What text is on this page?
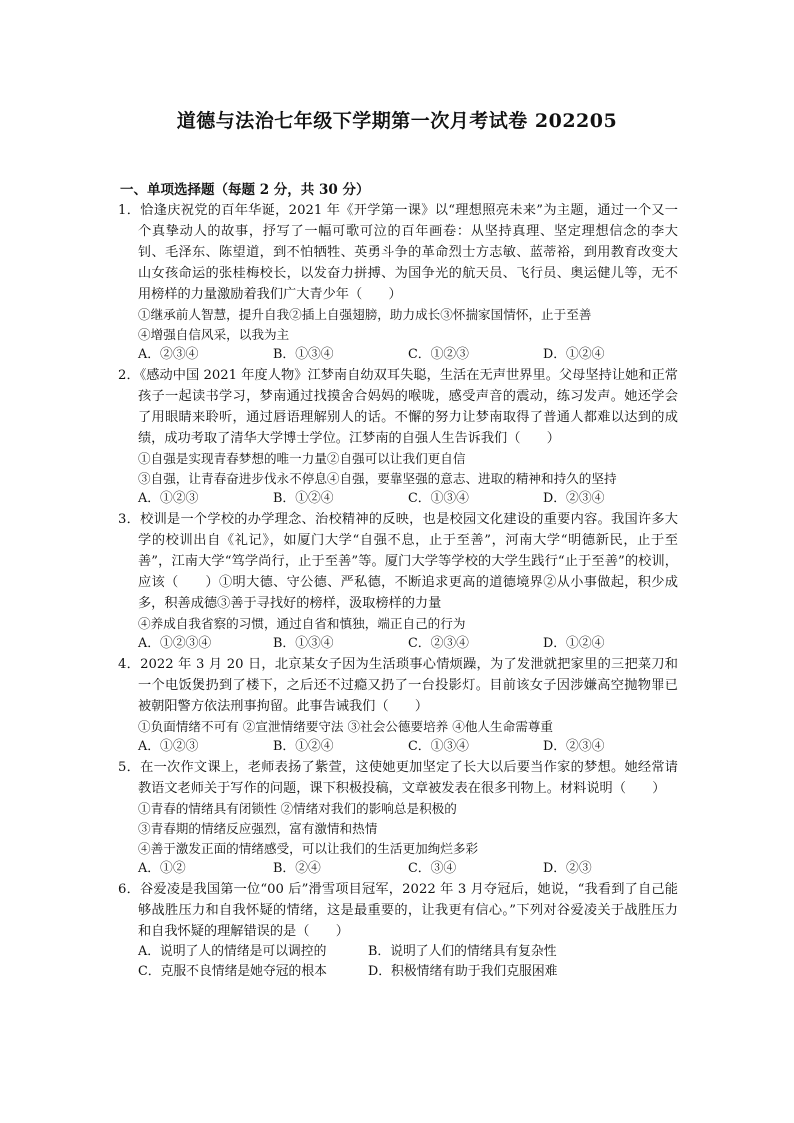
道德与法治七年级下学期第一次月考试卷 202205
一、单项选择题（每题 2 分，共 30 分）

1．恰逢庆祝党的百年华诞，2021 年《开学第一课》以“理想照亮未来”为主题，通过一个又一个真挚动人的故事，抒写了一幅可歌可泣的百年画卷：从坚持真理、坚定理想信念的李大钊、毛泽东、陈望道，到不怕牺牲、英勇斗争的革命烈士方志敏、蓝蒂裕，到用教育改变大山女孩命运的张桂梅校长，以发奋力拼搏、为国争光的航天员、飞行员、奥运健儿等，无不用榜样的力量激励着我们广大青少年（　　）

①继承前人智慧，提升自我②插上自强翅膀，助力成长③怀揣家国情怀，止于至善

④增强自信风采，以我为主

A．②③④	B．①③④	C．①②③	D．①②④

2．《感动中国 2021 年度人物》江梦南自幼双耳失聪，生活在无声世界里。父母坚持让她和正常孩子一起读书学习，梦南通过找摸舍合妈妈的喉咙，感受声音的震动，练习发声。她还学会了用眼睛来聆听，通过唇语理解别人的话。不懈的努力让梦南取得了普通人都难以达到的成绩，成功考取了清华大学博士学位。江梦南的自强人生告诉我们（　　）

①自强是实现青春梦想的唯一力量②自强可以让我们更自信

③自强，让青春奋进步伐永不停息④自强，要靠坚强的意志、进取的精神和持久的坚持

A．①②③	B．①②④	C．①③④	D．②③④

3．校训是一个学校的办学理念、治校精神的反映，也是校园文化建设的重要内容。我国许多大学的校训出自《礼记》，如厦门大学“自强不息，止于至善”，河南大学“明德新民，止于至善”，江南大学“笃学尚行，止于至善”等。厦门大学等学校的大学生践行“止于至善”的校训，应该（　　）①明大德、守公德、严私德，不断追求更高的道德境界②从小事做起，积少成多，积善成德③善于寻找好的榜样，汲取榜样的力量

④养成自我省察的习惯，通过自省和慎独，端正自己的行为

A．①②③④	B．①③④	C．②③④	D．①②④

4．2022 年 3 月 20 日，北京某女子因为生活琐事心情烦躁，为了发泄就把家里的三把菜刀和一个电饭煲扔到了楼下，之后还不过瘾又扔了一台投影灯。目前该女子因涉嫌高空抛物罪已被朝阳警方依法刑事拘留。此事告诫我们（　　）

①负面情绪不可有 ②宣泄情绪要守法 ③社会公德要培养 ④他人生命需尊重

A．①②③	B．①②④	C．①③④	D．②③④

5．在一次作文课上，老师表扬了紫萱，这使她更加坚定了长大以后要当作家的梦想。她经常请教语文老师关于写作的问题，课下积极投稿，文章被发表在很多刊物上。材料说明（　　）

①青春的情绪具有闭锁性 ②情绪对我们的影响总是积极的

③青春期的情绪反应强烈，富有激情和热情

④善于激发正面的情绪感受，可以让我们的生活更加绚烂多彩

A．①②	B．②④	C．③④	D．②③

6．谷爱凌是我国第一位“00 后”滑雪项目冠军，2022 年 3 月夺冠后，她说，“我看到了自己能够战胜压力和自我怀疑的情绪，这是最重要的，让我更有信心。”下列对谷爱凌关于战胜压力和自我怀疑的理解错误的是（　　）

A．说明了人的情绪是可以调控的	B．说明了人们的情绪具有复杂性
C．克服不良情绪是她夺冠的根本	D．积极情绪有助于我们克服困难
